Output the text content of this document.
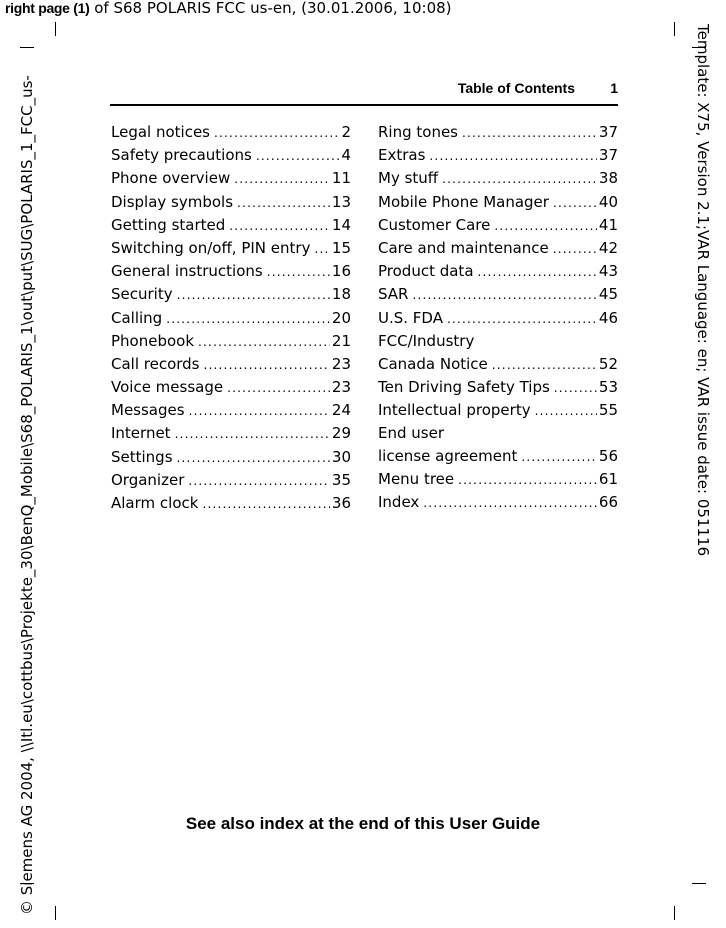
right page (1) of S68 POLARIS FCC us-en, (30.01.2006, 10:08)
Table of Contents	1
Legal notices .....	2
Safety precautions .....	4
Phone overview .....	11
Display symbols .....	13
Getting started .....	14
Switching on/off, PIN entry ..... 15
General instructions .....	16
Security .....	18
Calling .....	20
Phonebook .....	21
Call records .....	23
Voice message .....	23
Messages .....	24
Internet .....	29
Settings .....	30
Organizer .....	35
Alarm clock .....	36
Ring tones .....	37
Extras .....	37
My stuff .....	38
Mobile Phone Manager .....	40
Customer Care .....	41
Care and maintenance .....	42
Product data .....	43
SAR .....	45
U.S. FDA .....	46
FCC/Industry
Canada Notice .....	52
Ten Driving Safety Tips .....	53
Intellectual property .....	55
End user
license agreement .....	56
Menu tree .....	61
Index .....	66
See also index at the end of this User Guide
© Siemens AG 2004, \\Itl.eu\cottbus\Projekte_30\BenQ_Mobile\S68_POLARIS_1\out\put\SUG\POLARIS_1_FCC_us-	Template: X75, Version 2.1;VAR Language: en; VAR issue date: 051116
